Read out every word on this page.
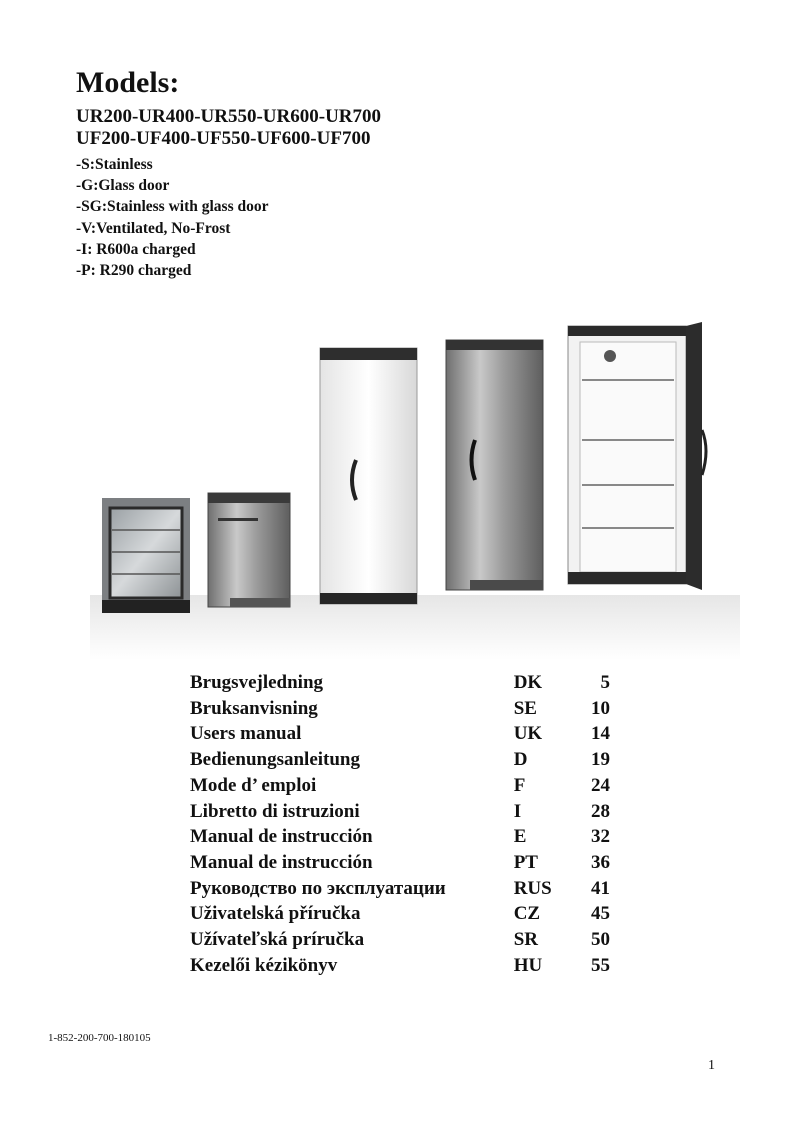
Models:
UR200-UR400-UR550-UR600-UR700
UF200-UF400-UF550-UF600-UF700
-S:Stainless
-G:Glass door
-SG:Stainless with glass door
-V:Ventilated, No-Frost
-I: R600a charged
-P: R290 charged
Brugsvejledning	DK	5
Bruksanvisning	SE	10
Users manual	UK	14
Bedienungsanleitung	D	19
Mode d’ emploi	F	24
Libretto di istruzioni	I	28
Manual de instrucción	E	32
Manual de instrucción	PT	36
Руководство по эксплуатации	RUS	41
Uživatelská příručka	CZ	45
Užívateľská príručka	SR	50
Kezelői kézikönyv	HU	55
1-852-200-700-180105
1
